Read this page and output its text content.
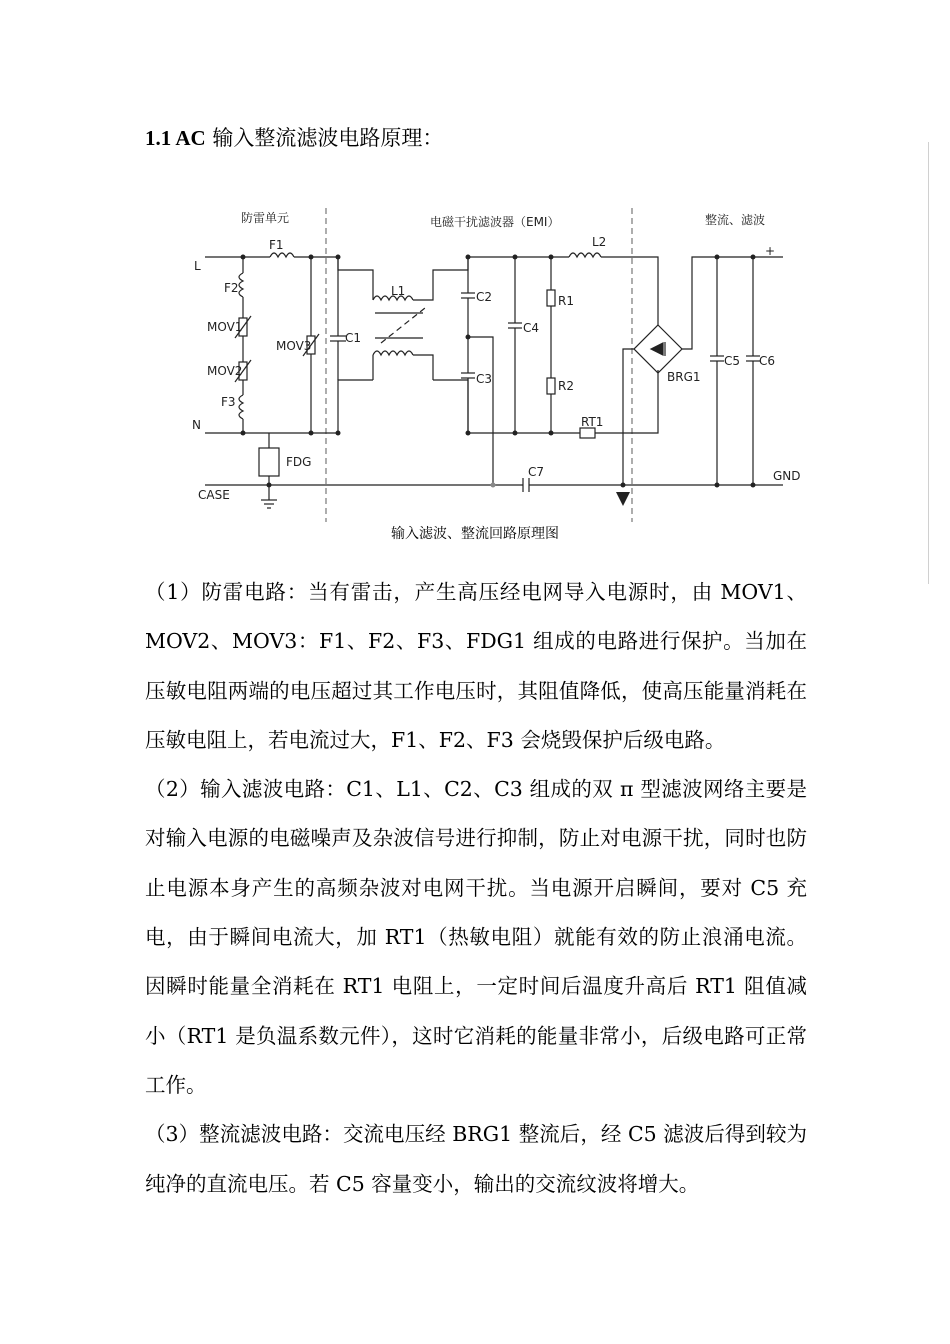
1.1 AC 输入整流滤波电路原理：
防雷单元	电磁干扰滤波器（EMI）	整流、滤波
L
N
CASE
GND
+
F1
F2
F3
MOV1
MOV2
MOV3
C1
L1
L2
C2
C3
C4
R1
R2
RT1
BRG1
C5 C6
C7
FDG
输入滤波、整流回路原理图

（1）防雷电路：当有雷击，产生高压经电网导入电源时，由 MOV1、MOV2、MOV3：F1、F2、F3、FDG1 组成的电路进行保护。当加在压敏电阻两端的电压超过其工作电压时，其阻值降低，使高压能量消耗在压敏电阻上，若电流过大，F1、F2、F3 会烧毁保护后级电路。

（2）输入滤波电路：C1、L1、C2、C3 组成的双 π 型滤波网络主要是对输入电源的电磁噪声及杂波信号进行抑制，防止对电源干扰，同时也防止电源本身产生的高频杂波对电网干扰。当电源开启瞬间，要对 C5 充电，由于瞬间电流大，加 RT1（热敏电阻）就能有效的防止浪涌电流。因瞬时能量全消耗在 RT1 电阻上，一定时间后温度升高后 RT1 阻值减小（RT1 是负温系数元件），这时它消耗的能量非常小，后级电路可正常工作。

（3）整流滤波电路：交流电压经 BRG1 整流后，经 C5 滤波后得到较为纯净的直流电压。若 C5 容量变小，输出的交流纹波将增大。
